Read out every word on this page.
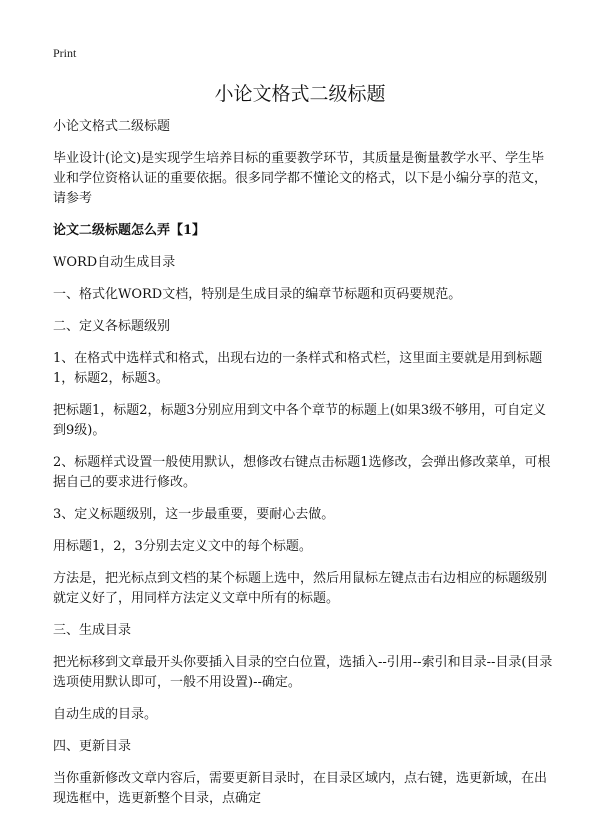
Print
小论文格式二级标题

小论文格式二级标题

毕业设计(论文)是实现学生培养目标的重要教学环节，其质量是衡量教学水平、学生毕业和学位资格认证的重要依据。很多同学都不懂论文的格式，以下是小编分享的范文，请参考

论文二级标题怎么弄【1】

WORD自动生成目录

一、格式化WORD文档，特别是生成目录的编章节标题和页码要规范。

二、定义各标题级别

1、在格式中选样式和格式，出现右边的一条样式和格式栏，这里面主要就是用到标题1，标题2，标题3。

把标题1，标题2，标题3分别应用到文中各个章节的标题上(如果3级不够用，可自定义到9级)。

2、标题样式设置一般使用默认，想修改右键点击标题1选修改，会弹出修改菜单，可根据自己的要求进行修改。

3、定义标题级别，这一步最重要，要耐心去做。

用标题1，2，3分别去定义文中的每个标题。

方法是，把光标点到文档的某个标题上选中，然后用鼠标左键点击右边相应的标题级别就定义好了，用同样方法定义文章中所有的标题。

三、生成目录

把光标移到文章最开头你要插入目录的空白位置，选插入--引用--索引和目录--目录(目录选项使用默认即可，一般不用设置)--确定。

自动生成的目录。

四、更新目录

当你重新修改文章内容后，需要更新目录时，在目录区域内，点右键，选更新域，在出现选框中，选更新整个目录，点确定
